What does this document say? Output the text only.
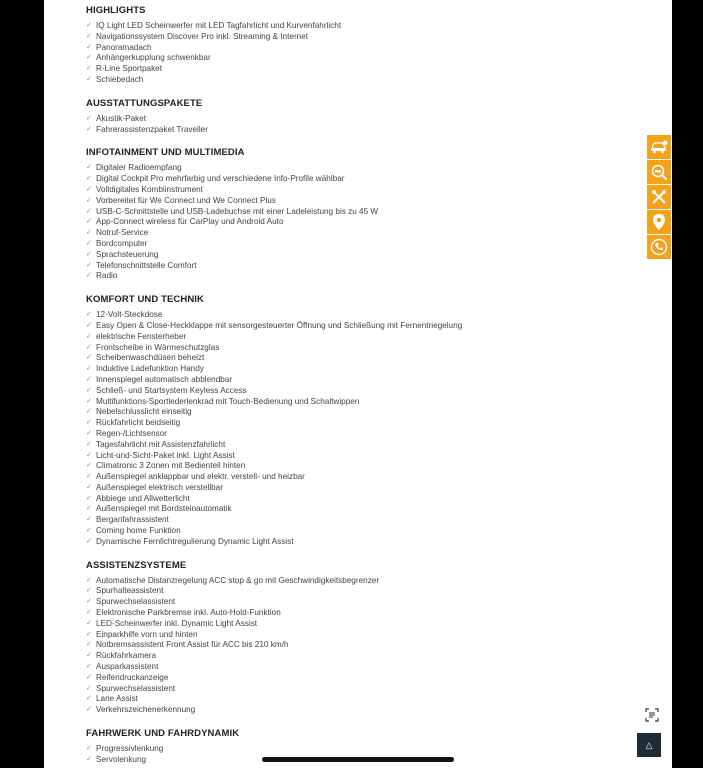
HIGHLIGHTS
✓ IQ Light LED Scheinwerfer mit LED Tagfahrlicht und Kurvenfahrlicht
✓ Navigationssystem Discover Pro inkl. Streaming & Internet
✓ Panoramadach
✓ Anhängerkupplung schwenkbar
✓ R-Line Sportpaket
✓ Schiebedach
AUSSTATTUNGSPAKETE
✓ Akustik-Paket
✓ Fahrerassistenzpaket Traveller
INFOTAINMENT UND MULTIMEDIA
✓ Digitaler Radioempfang
✓ Digital Cockpit Pro mehrfarbig und verschiedene Info-Profile wählbar
✓ Volldigitales Kombiinstrument
✓ Vorbereitet für We Connect und We Connect Plus
✓ USB-C-Schnittstelle und USB-Ladebuchse mit einer Ladeleistung bis zu 45 W
✓ App-Connect wireless für CarPlay und Android Auto
✓ Notruf-Service
✓ Bordcomputer
✓ Sprachsteuerung
✓ Telefonschnittstelle Comfort
✓ Radio
KOMFORT UND TECHNIK
✓ 12-Volt-Steckdose
✓ Easy Open & Close-Heckklappe mit sensorgesteuerter Öffnung und Schließung mit Fernentriegelung
✓ elektrische Fensterheber
✓ Frontscheibe in Wärmeschutzglas
✓ Scheibenwaschdüsen beheizt
✓ Induktive Ladefunktion Handy
✓ Innenspiegel automatisch abblendbar
✓ Schließ- und Startsystem Keyless Access
✓ Multifunktions-Sportlederlenkrad mit Touch-Bedienung und Schaltwippen
✓ Nebelschlusslicht einseitig
✓ Rückfahrlicht beidseitig
✓ Regen-/Lichtsensor
✓ Tagesfahrlicht mit Assistenzfahrlicht
✓ Licht-und-Sicht-Paket inkl. Light Assist
✓ Climatronic 3 Zonen mit Bedienteil hinten
✓ Außenspiegel anklappbar und elektr. verstell- und heizbar
✓ Außenspiegel elektrisch verstellbar
✓ Abbiege und Allwetterlicht
✓ Außenspiegel mit Bordsteinautomatik
✓ Berganfahrassistent
✓ Coming home Funktion
✓ Dynamische Fernlichtregulierung Dynamic Light Assist
ASSISTENZSYSTEME
✓ Automatische Distanzregelung ACC stop & go mit Geschwindigkeitsbegrenzer
✓ Spurhalteassistent
✓ Spurwechselassistent
✓ Elektronische Parkbremse inkl. Auto-Hold-Funktion
✓ LED-Scheinwerfer inkl. Dynamic Light Assist
✓ Einparkhilfe vorn und hinten
✓ Notbremsassistent Front Assist für ACC bis 210 km/h
✓ Rückfahrkamera
✓ Ausparkassistent
✓ Reifendruckanzeige
✓ Spurwechselassistent
✓ Lane Assist
✓ Verkehrszeichenerkennung
FAHRWERK UND FAHRDYNAMIK
✓ Progressivlenkung
✓ Servolenkung
△
